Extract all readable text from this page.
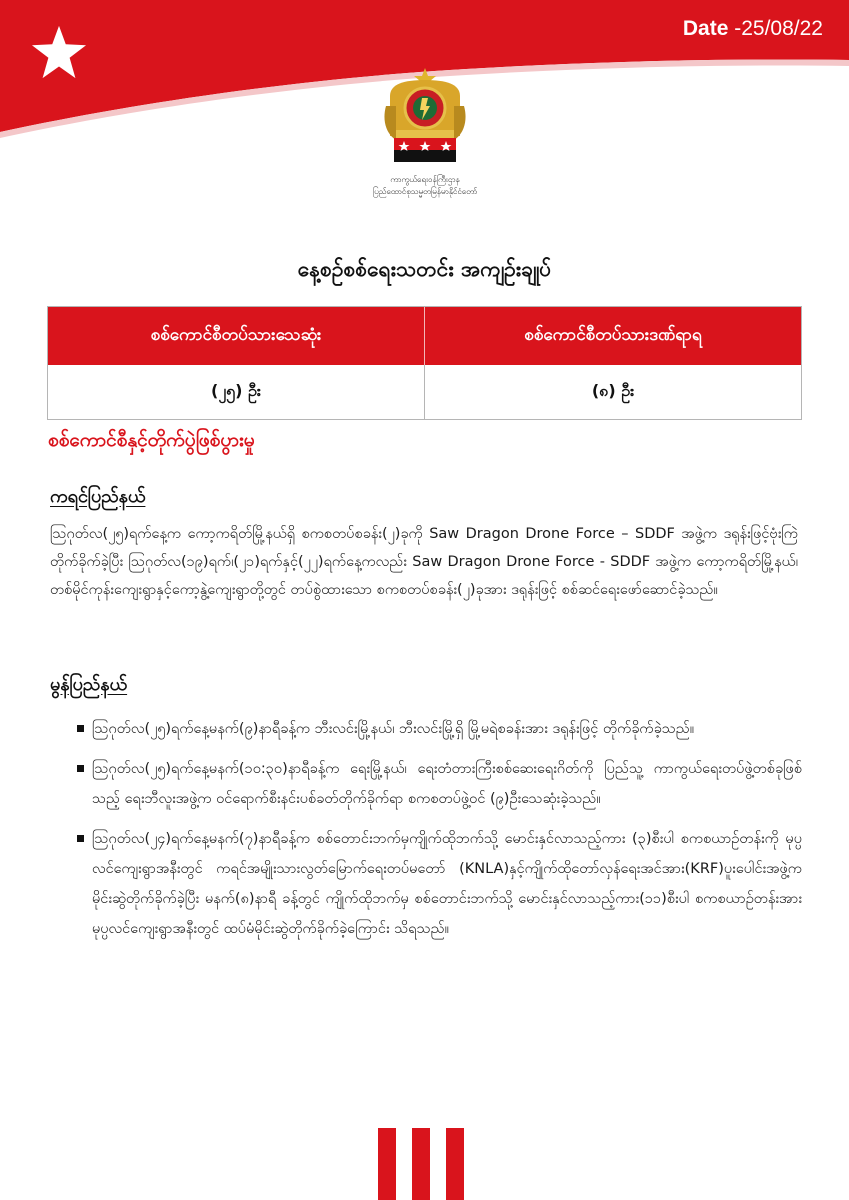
Date -25/08/22
ကာကွယ်ရေးဝန်ကြီးဌာန
ပြည်ထောင်စုသမ္မတမြန်မာနိုင်ငံတော်
နေ့စဉ်စစ်ရေးသတင်း အကျဉ်းချုပ်
စစ်ကောင်စီတပ်သားသေဆုံး	စစ်ကောင်စီတပ်သားဒဏ်ရာရ
(၂၅) ဦး	(၈) ဦး
စစ်ကောင်စီနှင့်တိုက်ပွဲဖြစ်ပွားမှု
ကရင်ပြည်နယ်
ဩဂုတ်လ(၂၅)ရက်နေ့က ကော့ကရိတ်မြို့နယ်ရှိ စကစတပ်စခန်း(၂)ခုကို Saw Dragon Drone Force – SDDF အဖွဲ့က ဒရုန်းဖြင့်ဗုံးကြဲတိုက်ခိုက်ခဲ့ပြီး ဩဂုတ်လ(၁၉)ရက်၊(၂၁)ရက်နှင့်(၂၂)ရက်နေ့ကလည်း Saw Dragon Drone Force - SDDF အဖွဲ့က ကော့ကရိတ်မြို့နယ်၊ တစ်မိုင်ကုန်းကျေးရွာနှင့်ကော့နွဲ့ကျေးရွာတို့တွင် တပ်စွဲထားသော စကစတပ်စခန်း(၂)ခုအား ဒရုန်းဖြင့် စစ်ဆင်ရေးဖော်ဆောင်ခဲ့သည်။
မွန်ပြည်နယ်
ဩဂုတ်လ(၂၅)ရက်နေ့မနက်(၉)နာရီခန့်က ဘီးလင်းမြို့နယ်၊ ဘီးလင်းမြို့ရှိ မြို့မရဲစခန်းအား ဒရုန်းဖြင့် တိုက်ခိုက်ခဲ့သည်။
ဩဂုတ်လ(၂၅)ရက်နေ့မနက်(၁၀:၃၀)နာရီခန့်က ရေးမြို့နယ်၊ ရေးတံတားကြီးစစ်ဆေးရေးဂိတ်ကို ပြည်သူ့ ကာကွယ်ရေးတပ်ဖွဲ့တစ်ခုဖြစ်သည့် ရေးဘီလူးအဖွဲ့က ဝင်ရောက်စီးနင်းပစ်ခတ်တိုက်ခိုက်ရာ စကစတပ်ဖွဲ့ဝင် (၉)ဦးသေဆုံးခဲ့သည်။
ဩဂုတ်လ(၂၄)ရက်နေ့မနက်(၇)နာရီခန့်က စစ်တောင်းဘက်မှကျိုက်ထိုဘက်သို့ မောင်းနှင်လာသည့်ကား (၃)စီးပါ စကစယာဉ်တန်းကို မုပ္ပလင်ကျေးရွာအနီးတွင် ကရင်အမျိုးသားလွတ်မြောက်ရေးတပ်မတော် (KNLA)နှင့်ကျိုက်ထိုတော်လှန်ရေးအင်အား(KRF)ပူးပေါင်းအဖွဲ့က မိုင်းဆွဲတိုက်ခိုက်ခဲ့ပြီး မနက်(၈)နာရီ ခန့်တွင် ကျိုက်ထိုဘက်မှ စစ်တောင်းဘက်သို့ မောင်းနှင်လာသည့်ကား(၁၁)စီးပါ စကစယာဉ်တန်းအား မုပ္ပလင်ကျေးရွာအနီးတွင် ထပ်မံမိုင်းဆွဲတိုက်ခိုက်ခဲ့ကြောင်း သိရသည်။
